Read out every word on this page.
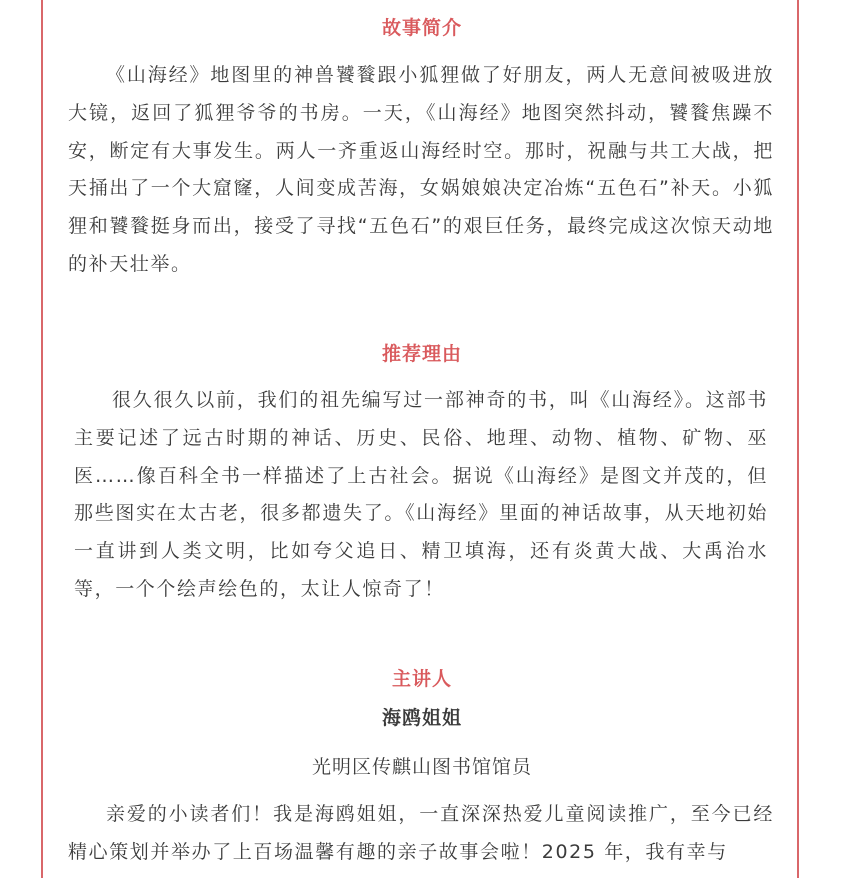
故事简介
《山海经》地图里的神兽饕餮跟小狐狸做了好朋友，两人无意间被吸进放大镜，返回了狐狸爷爷的书房。一天，《山海经》地图突然抖动，饕餮焦躁不安，断定有大事发生。两人一齐重返山海经时空。那时，祝融与共工大战，把天捅出了一个大窟窿，人间变成苦海，女娲娘娘决定冶炼“五色石”补天。小狐狸和饕餮挺身而出，接受了寻找“五色石”的艰巨任务，最终完成这次惊天动地的补天壮举。
推荐理由
很久很久以前，我们的祖先编写过一部神奇的书，叫《山海经》。这部书主要记述了远古时期的神话、历史、民俗、地理、动物、植物、矿物、巫医……像百科全书一样描述了上古社会。据说《山海经》是图文并茂的，但那些图实在太古老，很多都遗失了。《山海经》里面的神话故事，从天地初始一直讲到人类文明，比如夸父追日、精卫填海，还有炎黄大战、大禹治水等，一个个绘声绘色的，太让人惊奇了！
主讲人
海鸥姐姐
光明区传麒山图书馆馆员
亲爱的小读者们！我是海鸥姐姐，一直深深热爱儿童阅读推广，至今已经精心策划并举办了上百场温馨有趣的亲子故事会啦！2025 年，我有幸与
